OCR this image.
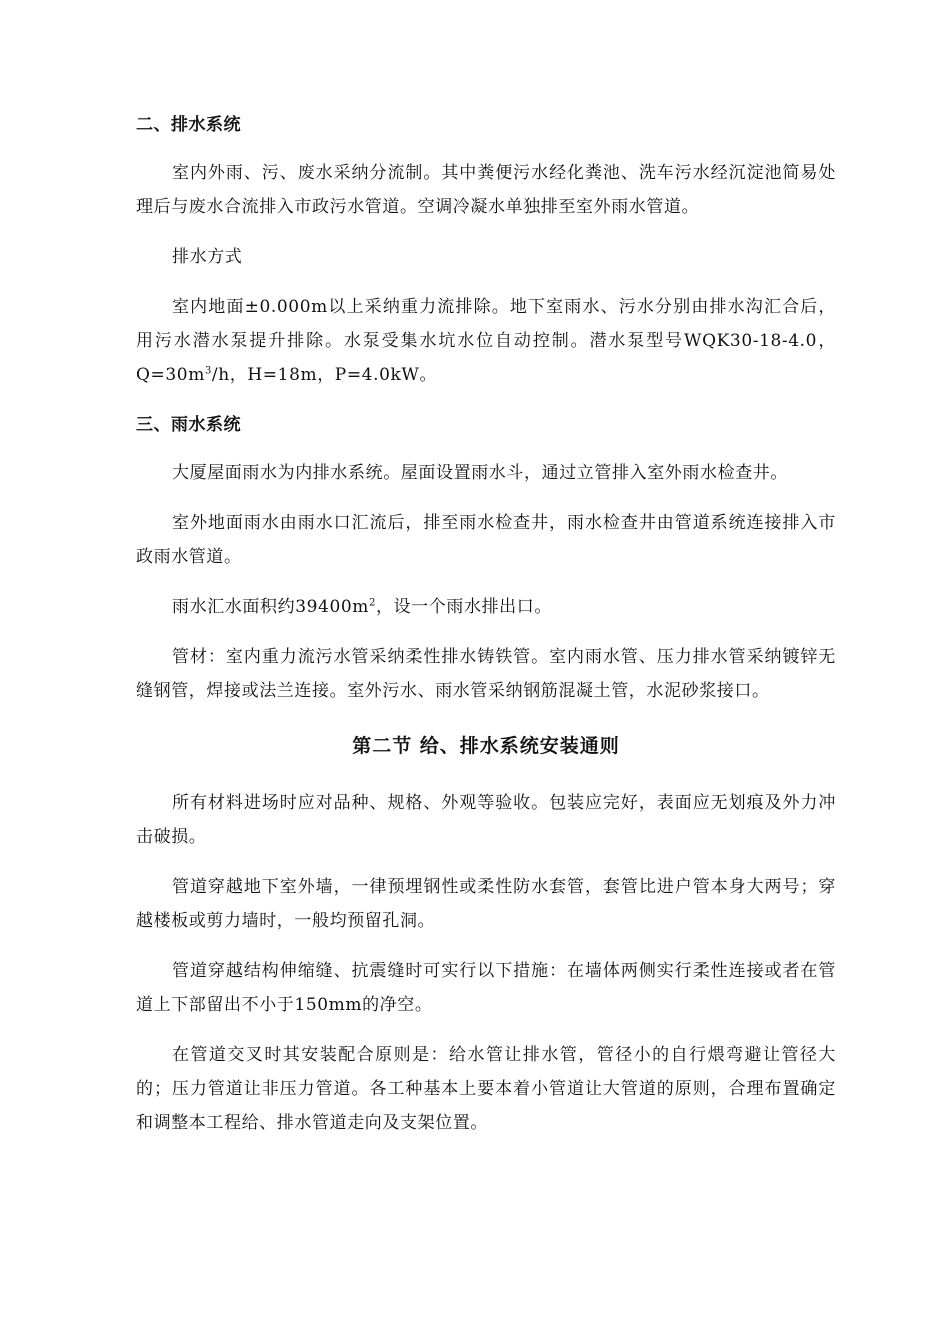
二、排水系统

室内外雨、污、废水采纳分流制。其中粪便污水经化粪池、洗车污水经沉淀池简易处理后与废水合流排入市政污水管道。空调冷凝水单独排至室外雨水管道。

排水方式

室内地面±0.000m以上采纳重力流排除。地下室雨水、污水分别由排水沟汇合后，用污水潜水泵提升排除。水泵受集水坑水位自动控制。潜水泵型号WQK30-18-4.0，$Q=30m^3/h$，H=18m，P=4.0kW。

三、雨水系统

大厦屋面雨水为内排水系统。屋面设置雨水斗，通过立管排入室外雨水检查井。

室外地面雨水由雨水口汇流后，排至雨水检查井，雨水检查井由管道系统连接排入市政雨水管道。

雨水汇水面积约$39400m^2$，设一个雨水排出口。

管材：室内重力流污水管采纳柔性排水铸铁管。室内雨水管、压力排水管采纳镀锌无缝钢管，焊接或法兰连接。室外污水、雨水管采纳钢筋混凝土管，水泥砂浆接口。

第二节 给、排水系统安装通则

所有材料进场时应对品种、规格、外观等验收。包装应完好，表面应无划痕及外力冲击破损。

管道穿越地下室外墙，一律预埋钢性或柔性防水套管，套管比进户管本身大两号；穿越楼板或剪力墙时，一般均预留孔洞。

管道穿越结构伸缩缝、抗震缝时可实行以下措施：在墙体两侧实行柔性连接或者在管道上下部留出不小于150mm的净空。

在管道交叉时其安装配合原则是：给水管让排水管，管径小的自行煨弯避让管径大的；压力管道让非压力管道。各工种基本上要本着小管道让大管道的原则，合理布置确定和调整本工程给、排水管道走向及支架位置。
